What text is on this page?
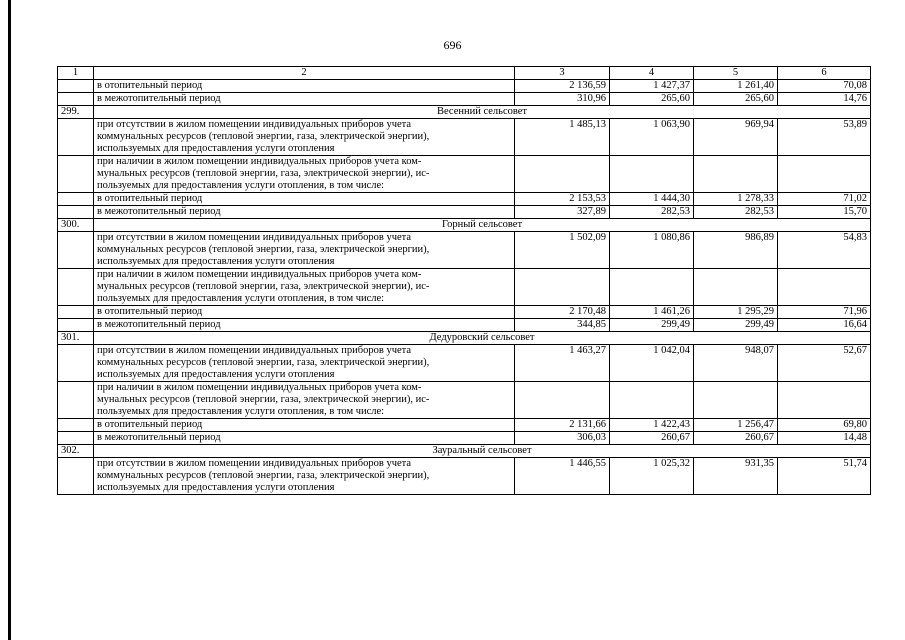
696
1	2	3	4	5	6
	в отопительный период	2 136,59	1 427,37	1 261,40	70,08
	в межотопительный период	310,96	265,60	265,60	14,76
299.	Весенний сельсовет				

	при отсутствии в жилом помещении индивидуальных приборов учета
коммунальных ресурсов (тепловой энергии, газа, электрической энергии),
используемых для предоставления услуги отопления	1 485,13	1 063,90	969,94	53,89

	при наличии в жилом помещении индивидуальных приборов учета ком-
мунальных ресурсов (тепловой энергии, газа, электрической энергии), ис-
пользуемых для предоставления услуги отопления, в том числе:				

	в отопительный период	2 153,53	1 444,30	1 278,33	71,02
	в межотопительный период	327,89	282,53	282,53	15,70
300.	Горный сельсовет				

	при отсутствии в жилом помещении индивидуальных приборов учета
коммунальных ресурсов (тепловой энергии, газа, электрической энергии),
используемых для предоставления услуги отопления	1 502,09	1 080,86	986,89	54,83

	при наличии в жилом помещении индивидуальных приборов учета ком-
мунальных ресурсов (тепловой энергии, газа, электрической энергии), ис-
пользуемых для предоставления услуги отопления, в том числе:				

	в отопительный период	2 170,48	1 461,26	1 295,29	71,96
	в межотопительный период	344,85	299,49	299,49	16,64
301.	Дедуровский сельсовет				

	при отсутствии в жилом помещении индивидуальных приборов учета
коммунальных ресурсов (тепловой энергии, газа, электрической энергии),
используемых для предоставления услуги отопления	1 463,27	1 042,04	948,07	52,67

	при наличии в жилом помещении индивидуальных приборов учета ком-
мунальных ресурсов (тепловой энергии, газа, электрической энергии), ис-
пользуемых для предоставления услуги отопления, в том числе:				

	в отопительный период	2 131,66	1 422,43	1 256,47	69,80
	в межотопительный период	306,03	260,67	260,67	14,48
302.	Зауральный сельсовет				

	при отсутствии в жилом помещении индивидуальных приборов учета
коммунальных ресурсов (тепловой энергии, газа, электрической энергии),
используемых для предоставления услуги отопления	1 446,55	1 025,32	931,35	51,74
